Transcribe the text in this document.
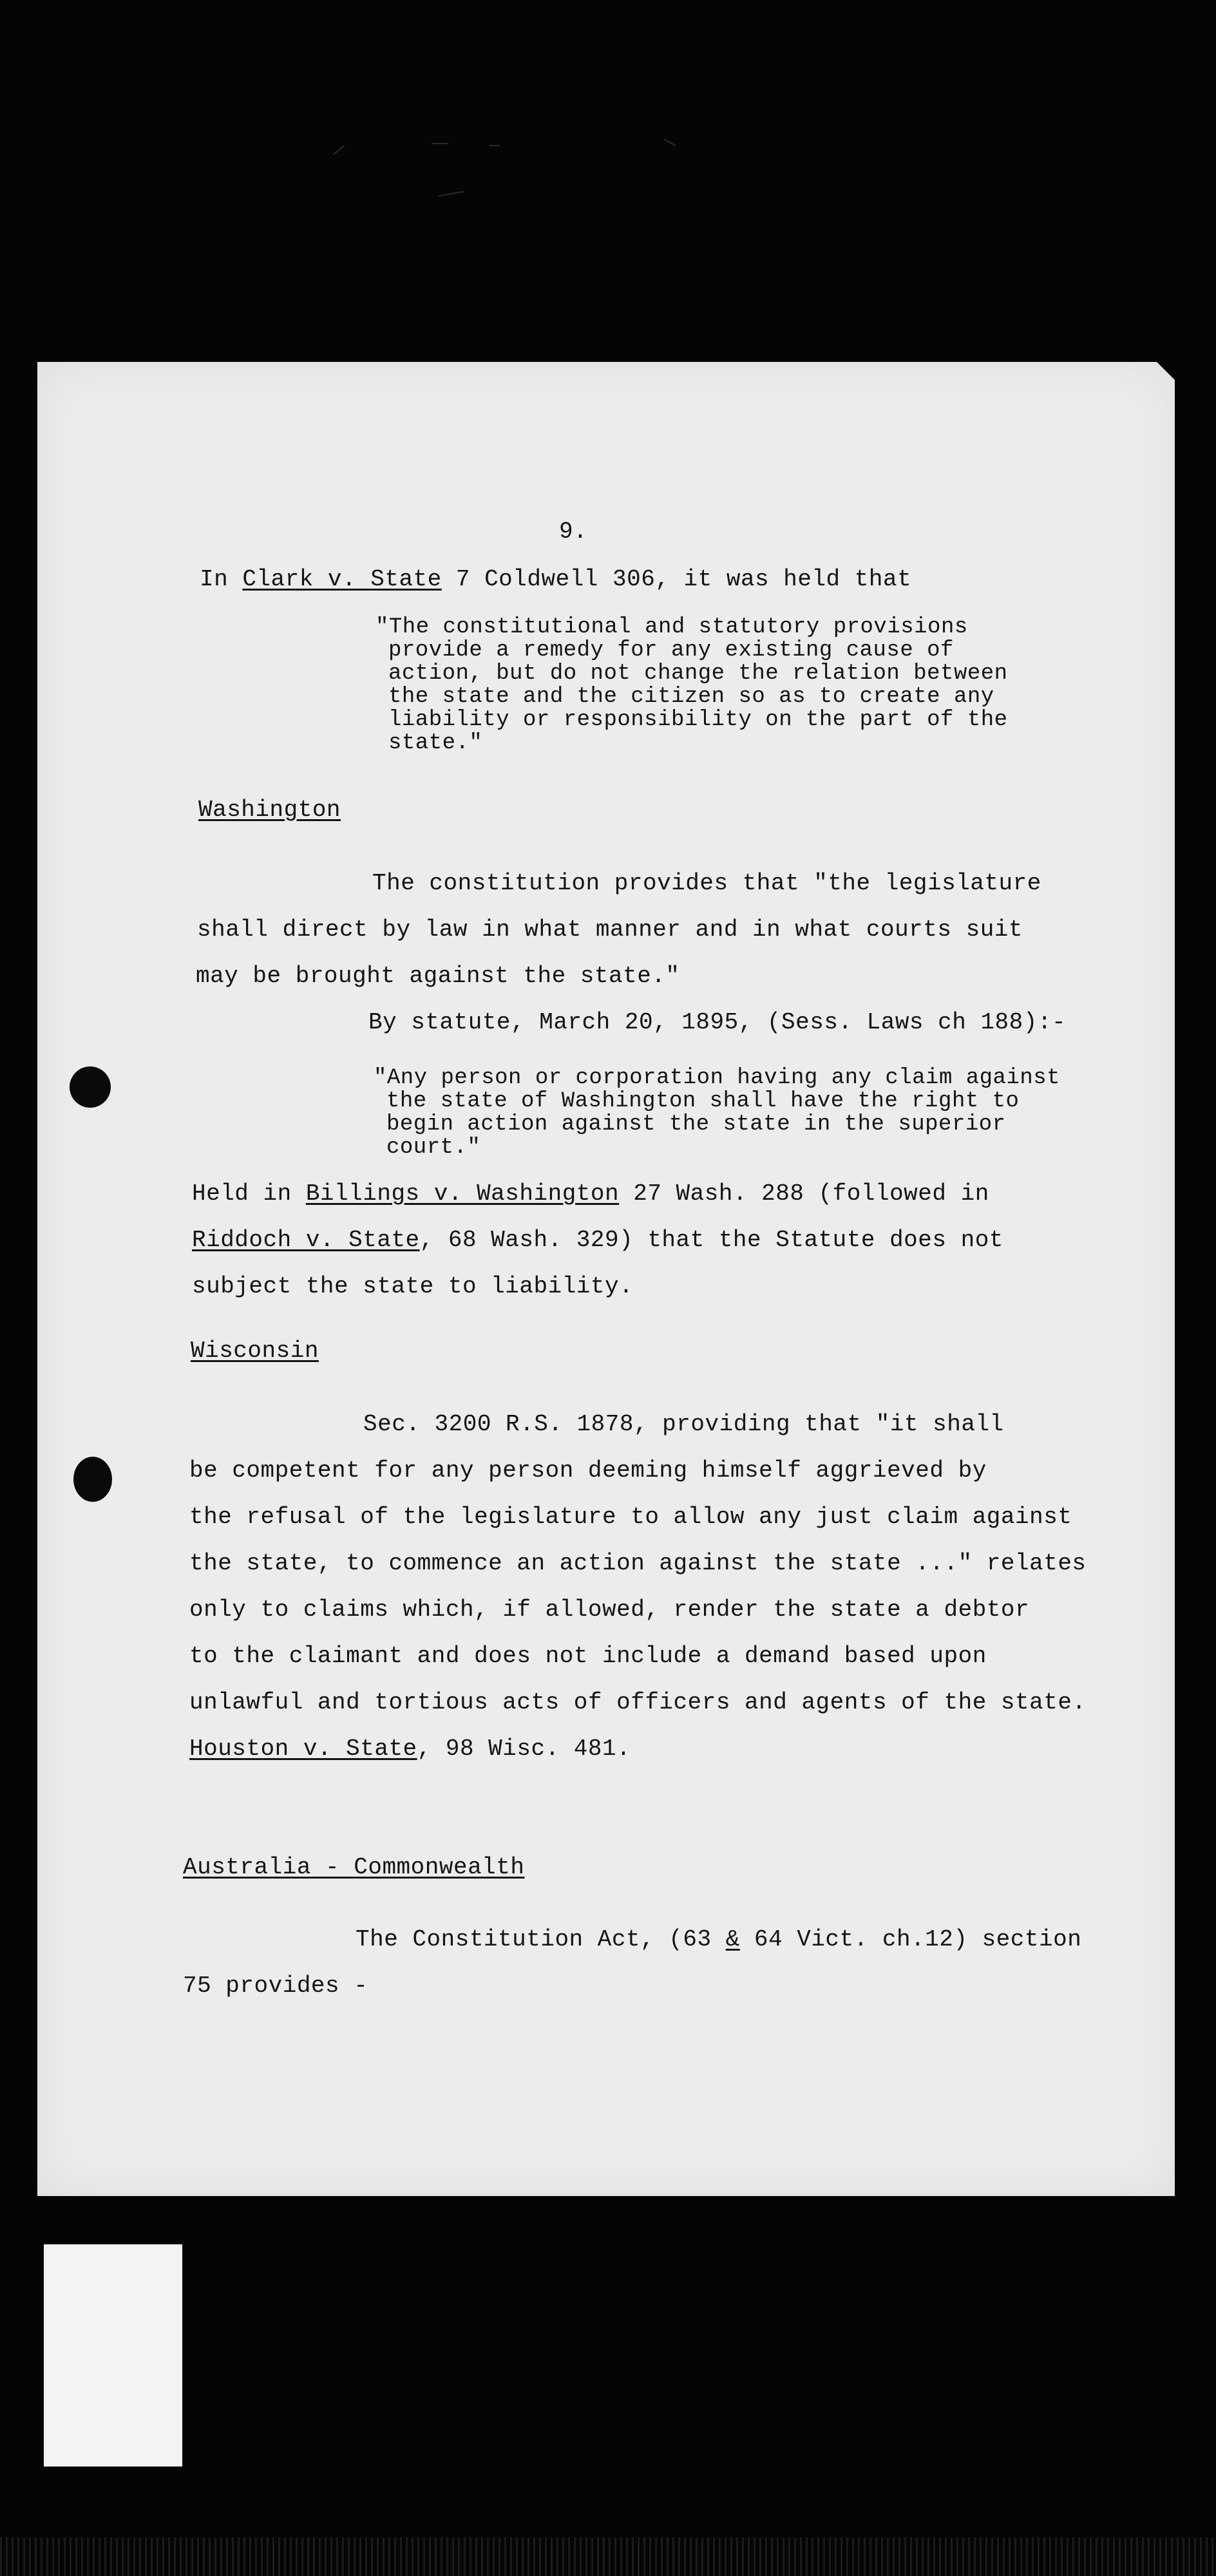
9.
In Clark v. State 7 Coldwell 306, it was held that
"The constitutional and statutory provisions
provide a remedy for any existing cause of
action, but do not change the relation between
the state and the citizen so as to create any
liability or responsibility on the part of the
state."
Washington
The constitution provides that "the legislature
shall direct by law in what manner and in what courts suit
may be brought against the state."
By statute, March 20, 1895, (Sess. Laws ch 188):-
"Any person or corporation having any claim against
the state of Washington shall have the right to
begin action against the state in the superior
court."
Held in Billings v. Washington 27 Wash. 288 (followed in
Riddoch v. State, 68 Wash. 329) that the Statute does not
subject the state to liability.
Wisconsin
Sec. 3200 R.S. 1878, providing that "it shall
be competent for any person deeming himself aggrieved by
the refusal of the legislature to allow any just claim against
the state, to commence an action against the state ..." relates
only to claims which, if allowed, render the state a debtor
to the claimant and does not include a demand based upon
unlawful and tortious acts of officers and agents of the state.
Houston v. State, 98 Wisc. 481.
Australia - Commonwealth
The Constitution Act, (63 & 64 Vict. ch.12) section
75 provides -
